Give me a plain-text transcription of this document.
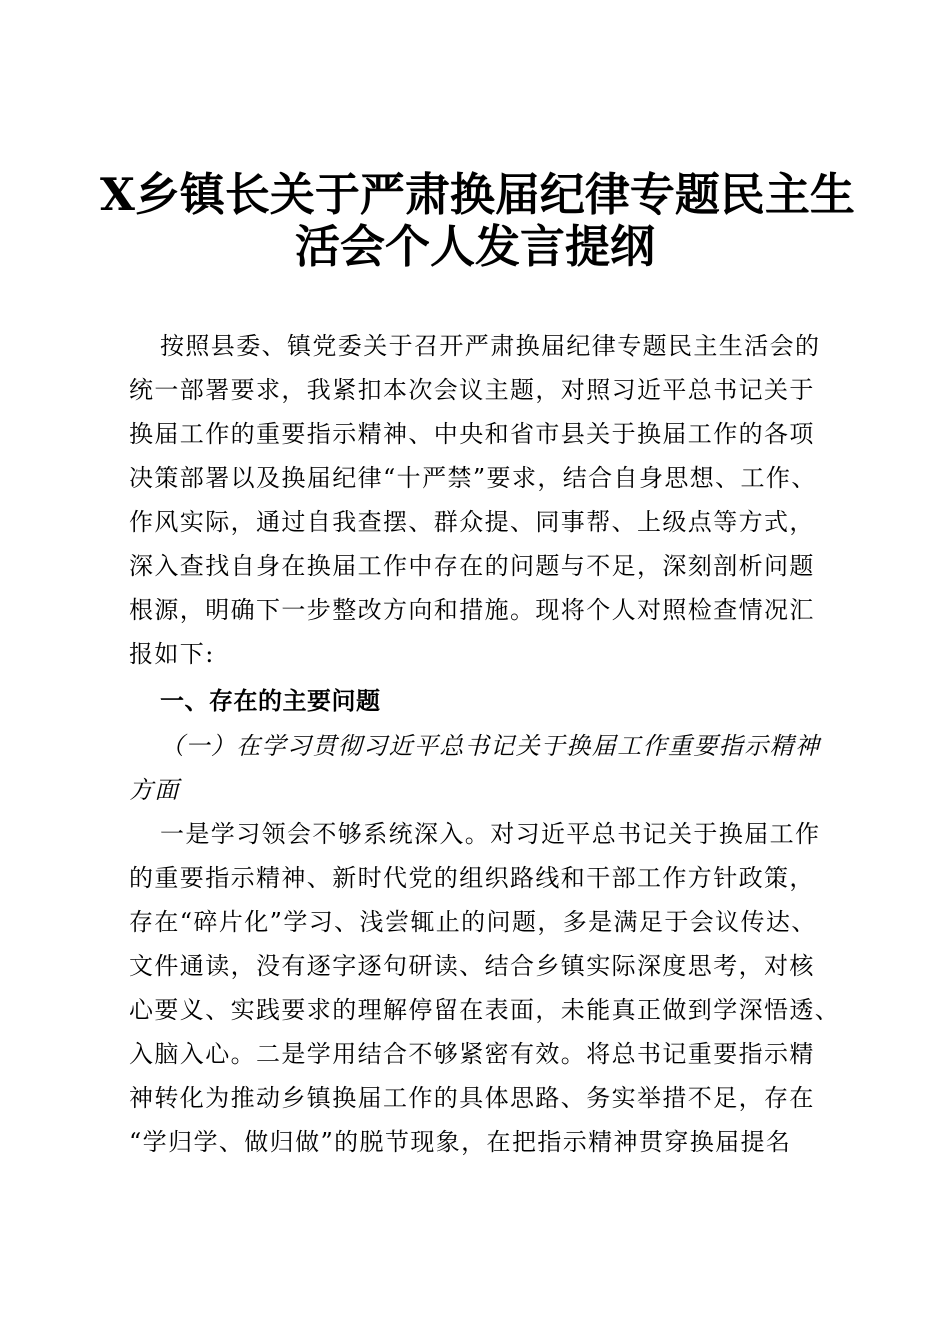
X乡镇长关于严肃换届纪律专题民主生
活会个人发言提纲

按照县委、镇党委关于召开严肃换届纪律专题民主生活会的

统一部署要求，我紧扣本次会议主题，对照习近平总书记关于

换届工作的重要指示精神、中央和省市县关于换届工作的各项

决策部署以及换届纪律“十严禁”要求，结合自身思想、工作、

作风实际，通过自我查摆、群众提、同事帮、上级点等方式，

深入查找自身在换届工作中存在的问题与不足，深刻剖析问题

根源，明确下一步整改方向和措施。现将个人对照检查情况汇

报如下:

一、存在的主要问题

（一）在学习贯彻习近平总书记关于换届工作重要指示精神

方面

一是学习领会不够系统深入。对习近平总书记关于换届工作

的重要指示精神、新时代党的组织路线和干部工作方针政策，

存在“碎片化”学习、浅尝辄止的问题，多是满足于会议传达、

文件通读，没有逐字逐句研读、结合乡镇实际深度思考，对核

心要义、实践要求的理解停留在表面，未能真正做到学深悟透、

入脑入心。二是学用结合不够紧密有效。将总书记重要指示精

神转化为推动乡镇换届工作的具体思路、务实举措不足，存在

“学归学、做归做”的脱节现象，在把指示精神贯穿换届提名
